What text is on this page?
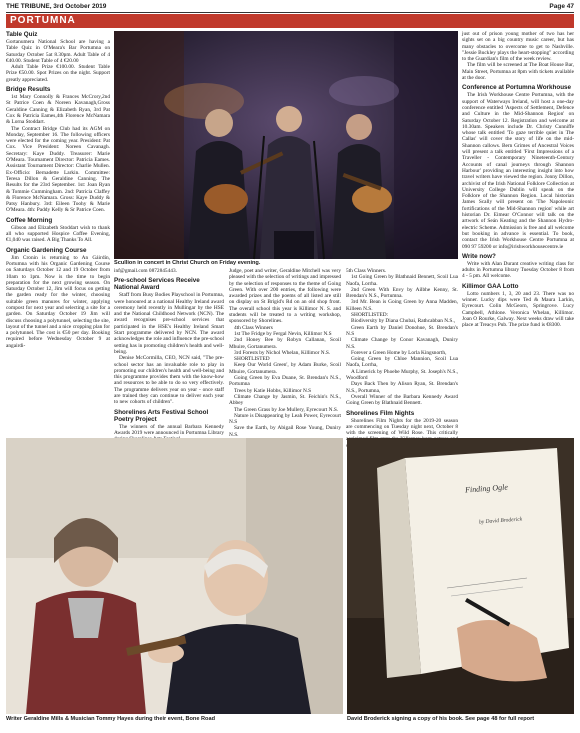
THE TRIBUNE, 3rd October 2019	Page 47
PORTUMNA
Table Quiz

Gortanumera National School are having a Table Quiz in O'Meara's Bar Portumna on Saturday October 5at 8.30pm. Adult Table of 4 €40.00. Student Table of 4 €20.00

Adult Table Prize €100.00. Student Table Prize €50.00. Spot Prizes on the night. Support greatly appreciated.

Bridge Results

1st Mary Connolly & Frances McCrory,2nd St Patrice Coen & Noreen Kavanagh,Gross Geraldine Canning & Elizabeth Ryan, 3rd Pat Cox & Patricia Eames,4th Florence McNamara & Lorna Stoddart.

The Contract Bridge Club had its AGM on Monday, September 16. The following officers were elected for the coming year. President: Pat Cox. Vice President: Noreen Cavanagh. Secretary: Kaye Duddy. Treasurer: Marie O'Meara. Tournament Director: Patricia Eames. Assistant Tournament Director: Charlie Mullen. Ex-Officio: Bernadette Larkin. Committee: Teresa Dillon & Geraldine Canning. The Results for the 23rd September. 1st: Joan Ryan & Tommie Cummingham. 2nd: Patricia Claffey & Florence McNamara. Gross: Kaye Duddy & Patsy Hanbury. 3rd: Eileen Toohy & Marie O'Meara. 4th: Paddy Kelly & Sr Patrice Coen.

Coffee Morning

Gibson and Elizabeth Stoddart wish to thank all who supported Hospice Coffee Evening, €1,040 was raised. A Big Thanks To All.

Organic Gardening Course

Jim Cronin is returning to An Gáirdín, Portumna with his Organic Gardening Course on Saturdays October 12 and 19 October from 10am to 1pm. Now is the time to begin preparation for the next growing season. On Saturday October 12, Jim will focus on getting the garden ready for the winter, choosing suitable green manures for winter, applying compost for next year and selecting a site for a garden. On Saturday October 19 Jim will discuss choosing a polytunnel, selecting the site, layout of the tunnel and a nice cropping plan for a polytunnel. The cost is €50 per day. Booking required before Wednesday October 9 at angairdi-

Scullion in concert in Christ Church on Friday evening.

inf@gmail.com 0872845443.

Pre-school Services Receive National Award

Staff from Busy Bodies Playschool in Portumna, were honoured at a national Healthy Ireland award ceremony held recently in Mullingar by the HSE and the National Childhood Network (NCN). The award recognises pre-school services that participated in the HSE's Healthy Ireland Smart Start programme delivered by NCN. The award acknowledges the role and influence the pre-school setting has in promoting children's health and well-being.

Denise McCormilla, CEO, NCN said, "The pre-school sector has an invaluable role to play in promoting our children's health and well-being and this programme provides them with the know-how and resources to be able to do so very effectively. The programme delivers year on year - once staff are trained they can continue to deliver each year to new cohorts of children".

Shorelines Arts Festival School Poetry Project

The winners of the annual Barbara Kennedy Awards 2019 were announced in Portumna Library

Judge, poet and writer, Geraldine Mitchell was very pleased with the selection of writings and impressed by the selection of responses to the theme of Going Green. With over 200 entries, the following were awarded prizes and the poems of all listed are still on display on St Brigid's Rd on an old shop front. The overall school this year is Killimor N. S. and students will be treated to a writing workshop, sponsored by Shorelines.

4th Class Winners

1st The Fridge by Fergal Nevin, Killimor N.S

2nd Honey Bee by Robyn Callanan, Scoil Mhuire, Gortanumera.

3rd Forests by Nichol Whelan, Killimor N.S.

SHORTLISTED

Keep Our World Green', by Adam Burke, Scoil Mhuire, Gortanumera.

Going Green by Eva Duane, St. Brendan's N.S., Portumna

Trees by Katie Hobbs, Killimor N.S

Climate Change by Jasmin, St. Feichin's N.S., Abbey

The Green Grass by Joe Mullery, Eyrecourt N.S.

Nature is Disappearing by Leah Power, Eyrecourt N.S

Save the Earth, by Abigail Rose Young, Duniry N.S.

5th Class Winners.

1st Going Green by Blathnaid Bennett, Scoil Lua Naofa, Lorrha.

2nd Green With Envy by Ailbhe Kenny, St. Brendan's N.S., Portumna.

3rd Mr. Bean is Going Green by Anna Madden, Killeen N.S.

SHORTLISTED:

Biodiversity by Diana Chubai, Rathcabban N.S.,

Green Earth by Daniel Donohue, St. Brendan's N.S

Climate Change by Conor Kavanagh, Duniry N.S.

Forever a Green Home by Lorla Kingsnorth,

Going Green by Chloe Mannion, Scoil Lua Naofa, Lorrha,

A Limerick by Phoebe Murphy, St. Joseph's N.S., Woodford

Days Back Then by Alison Ryan, St. Brendan's N.S., Portumna,

Overall Winner of the Barbara Kennedy Award Going Green by Blathnaid Bennett.

Shorelines Film Nights

Shorelines Film Nights for the 2019-20 season are commencing on Tuesday night next, October 8 with the screening of Wild Rose. This critically

just out of prison young mother of two has her sights set on a big country music career, but has many obstacles to overcome to get to Nashville. "Jessie Buckley plays the heart-stopping" according to the Guardian's film of the week review.

The film will be screened at The Boat House Bar, Main Street, Portumna at 8pm with tickets available at the door.

Conference at Portumna Workhouse

The Irish Workhouse Centre Portumna, with the support of Waterways Ireland, will host a one-day conference entitled 'Aspects of Settlement, Defence and Culture in the Mid-Shannon Region' on Saturday October 12. Registration and welcome at 10.30am. Speakers include Dr. Christy Cunniffe whose talk entitled 'To gaze terrible quiet in The Callas' will cover the story of life on the mid-Shannon callows. Bern Grimes of Ancestral Voices will present a talk entitled 'First Impressions of a Traveller - Contemporary Nineteenth-Century Accounts of canal journeys through Shannon Harbour' providing an interesting insight into how travel writers have viewed the region. Jonny Dillon, archivist of the Irish National Folklore Collection at University College Dublin will speak on the Folklore of the Shannon Region. Local historian James Scally will present on 'The Napoleonic fortifications of the Mid-Shannon region' while art historian Dr. Eimear O'Connor will talk on the artwork of Seán Keating and the Shannon Hydro-electric Scheme. Admission is free and all welcome but booking in advance is essential. To book, contact the Irish Workhouse Centre Portumna at 090 97 59200 or info@irishworkhousecentre.ie

Write now?

Write with Alan Durant creative writing class for adults in Portumna library Tuesday October 8 from 4 - 5 pm. All welcome.

Killimor GAA Lotto

Lotto numbers 1, 3, 20 and 23. There was no winner. Lucky dips were Ted & Maura Larkin, Eyrecourt. Colin McGeorn, Springrove. Lucy Campbell, Athlone. Veronica Whelan, Killimor. Joan O Rourke, Galway. Next weeks draw will take place at Treacys Pub. The prize fund is €8300.

Writer Geraldine Mills & Musician Tommy Hayes during their event, Bone Road
Finding Ogle
by David Broderick
David Broderick signing a copy of his book. See page 48 for full report
